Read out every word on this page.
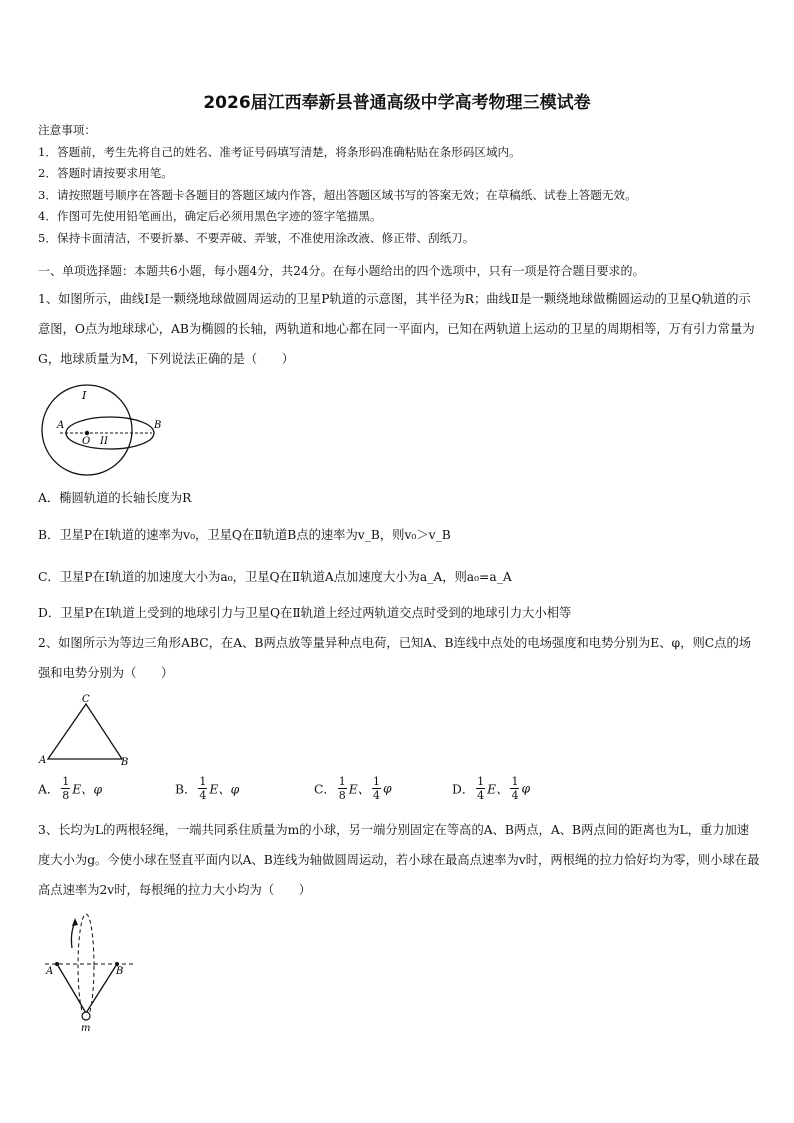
2026届江西奉新县普通高级中学高考物理三模试卷
注意事项：
1．答题前，考生先将自己的姓名、准考证号码填写清楚，将条形码准确粘贴在条形码区域内。
2．答题时请按要求用笔。
3．请按照题号顺序在答题卡各题目的答题区域内作答，超出答题区域书写的答案无效；在草稿纸、试卷上答题无效。
4．作图可先使用铅笔画出，确定后必须用黑色字迹的签字笔描黑。
5．保持卡面清洁，不要折暴、不要弄破、弄皱，不准使用涂改液、修正带、刮纸刀。
一、单项选择题：本题共6小题，每小题4分，共24分。在每小题给出的四个选项中，只有一项是符合题目要求的。
1、如图所示，曲线Ⅰ是一颗绕地球做圆周运动的卫星P轨道的示意图，其半径为R；曲线Ⅱ是一颗绕地球做椭圆运动的卫星Q轨道的示意图，O点为地球球心，AB为椭圆的长轴，两轨道和地心都在同一平面内，已知在两轨道上运动的卫星的周期相等，万有引力常量为G，地球质量为M，下列说法正确的是（　　）
I
II
A	B
O
A．椭圆轨道的长轴长度为R
B．卫星P在Ⅰ轨道的速率为v₀，卫星Q在Ⅱ轨道B点的速率为v_B，则v₀＞v_B
C．卫星P在Ⅰ轨道的加速度大小为a₀，卫星Q在Ⅱ轨道A点加速度大小为a_A，则a₀=a_A
D．卫星P在Ⅰ轨道上受到的地球引力与卫星Q在Ⅱ轨道上经过两轨道交点时受到的地球引力大小相等
2、如图所示为等边三角形ABC，在A、B两点放等量异种点电荷，已知A、B连线中点处的电场强度和电势分别为E、φ，则C点的场强和电势分别为（　　）
C
A	B
A． $\frac{1}{8}$ E、φ	B． $\frac{1}{4}$ E、φ	C． $\frac{1}{8}$ E、 $\frac{1}{4}$ φ	D． $\frac{1}{4}$ E、 $\frac{1}{4}$ φ
3、长均为L的两根轻绳，一端共同系住质量为m的小球，另一端分别固定在等高的A、B两点，A、B两点间的距离也为L，重力加速度大小为g。今使小球在竖直平面内以A、B连线为轴做圆周运动，若小球在最高点速率为v时，两根绳的拉力恰好均为零，则小球在最高点速率为2v时，每根绳的拉力大小均为（　　）
A	B
m
